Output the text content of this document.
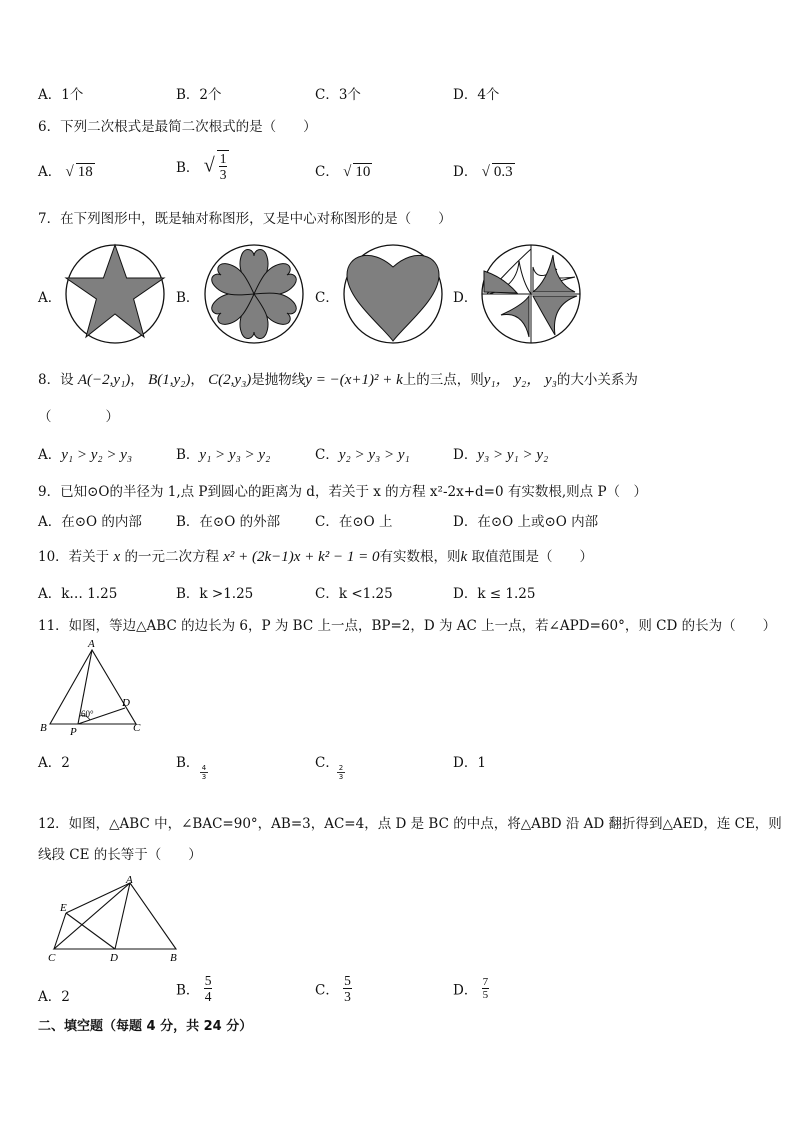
A．1个	B．2个	C．3个	D．4个
6．下列二次根式是最简二次根式的是（　　）
A． √ 18	B． √ $\frac{1}{3}$	C． √ 10	D． √ 0.3
7．在下列图形中，既是轴对称图形，又是中心对称图形的是（　　）
A．	B．	C．	D．
8．设 A(−2,y₁)， B(1,y₂)， C(2,y₃)是抛物线y = −(x+1)² + k上的三点，则y₁， y₂， y₃的大小关系为
（　　　　）
A．y₁ > y₂ > y₃	B．y₁ > y₃ > y₂	C．y₂ > y₃ > y₁	D．y₃ > y₁ > y₂
9．已知⊙O的半径为 1,点 P到圆心的距离为 d，若关于 x 的方程 x²-2x+d=0 有实数根,则点 P（　）
A．在⊙O 的内部	B．在⊙O 的外部	C．在⊙O 上	D．在⊙O 上或⊙O 内部
10．若关于 x 的一元二次方程 x² + (2k−1)x + k² − 1 = 0有实数根，则k 取值范围是（　　）
A．k… 1.25	B．k >1.25	C．k <1.25	D．k ≤ 1.25
11．如图，等边△ABC 的边长为 6，P 为 BC 上一点，BP=2，D 为 AC 上一点，若∠APD=60°，则 CD 的长为（　　）
A
B	C
P
D
60°
A．2	B．
$\frac{4}{3}$
C．
$\frac{2}{3}$
D．1
12．如图，△ABC 中，∠BAC=90°，AB=3，AC=4，点 D 是 BC 的中点，将△ABD 沿 AD 翻折得到△AED，连 CE，则
线段 CE 的长等于（　　）
A
E
C	D	B
A．2	B． $\frac{5}{4}$	C． $\frac{5}{3}$	D． $\frac{7}{5}$
二、填空题（每题 4 分，共 24 分）
